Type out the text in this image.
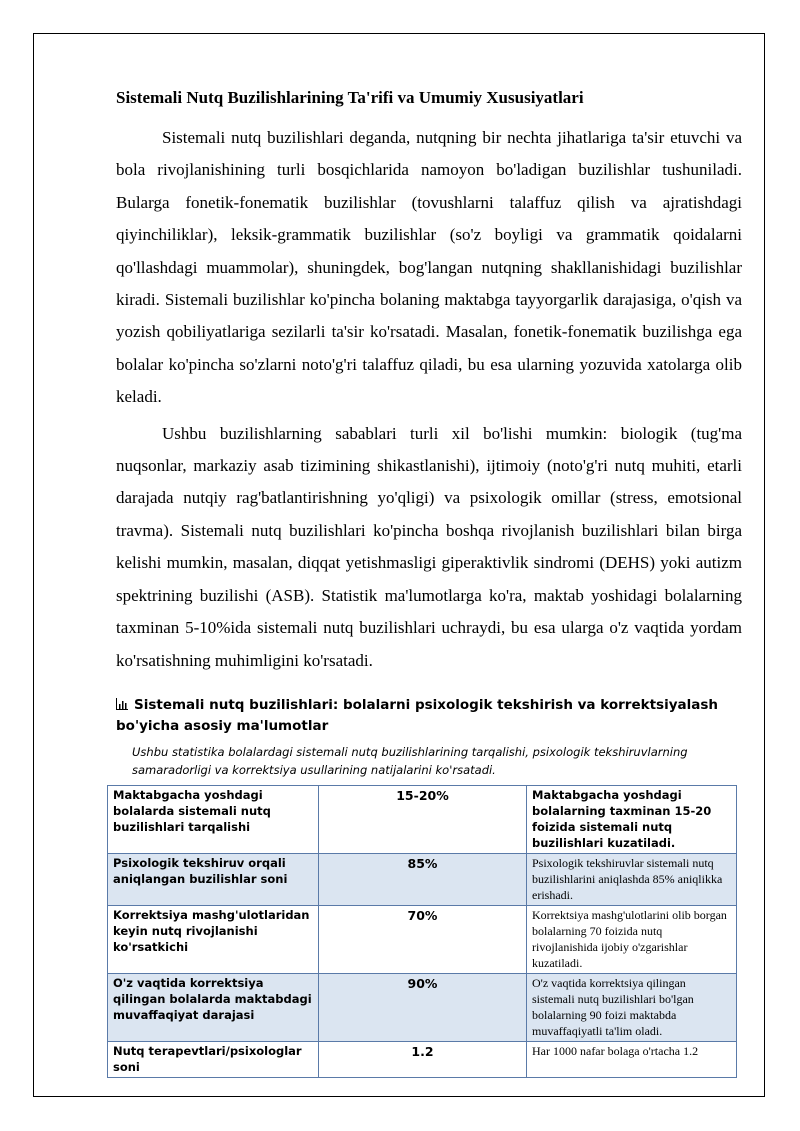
Sistemali Nutq Buzilishlarining Ta'rifi va Umumiy Xususiyatlari

Sistemali nutq buzilishlari deganda, nutqning bir nechta jihatlariga ta'sir etuvchi va bola rivojlanishining turli bosqichlarida namoyon bo'ladigan buzilishlar tushuniladi. Bularga fonetik-fonematik buzilishlar (tovushlarni talaffuz qilish va ajratishdagi qiyinchiliklar), leksik-grammatik buzilishlar (so'z boyligi va grammatik qoidalarni qo'llashdagi muammolar), shuningdek, bog'langan nutqning shakllanishidagi buzilishlar kiradi. Sistemali buzilishlar ko'pincha bolaning maktabga tayyorgarlik darajasiga, o'qish va yozish qobiliyatlariga sezilarli ta'sir ko'rsatadi. Masalan, fonetik-fonematik buzilishga ega bolalar ko'pincha so'zlarni noto'g'ri talaffuz qiladi, bu esa ularning yozuvida xatolarga olib keladi.

Ushbu buzilishlarning sabablari turli xil bo'lishi mumkin: biologik (tug'ma nuqsonlar, markaziy asab tizimining shikastlanishi), ijtimoiy (noto'g'ri nutq muhiti, etarli darajada nutqiy rag'batlantirishning yo'qligi) va psixologik omillar (stress, emotsional travma). Sistemali nutq buzilishlari ko'pincha boshqa rivojlanish buzilishlari bilan birga kelishi mumkin, masalan, diqqat yetishmasligi giperaktivlik sindromi (DEHS) yoki autizm spektrining buzilishi (ASB). Statistik ma'lumotlarga ko'ra, maktab yoshidagi bolalarning taxminan 5-10%ida sistemali nutq buzilishlari uchraydi, bu esa ularga o'z vaqtida yordam ko'rsatishning muhimligini ko'rsatadi.

Sistemali nutq buzilishlari: bolalarni psixologik tekshirish va korrektsiyalash bo'yicha asosiy ma'lumotlar
Ushbu statistika bolalardagi sistemali nutq buzilishlarining tarqalishi, psixologik tekshiruvlarning samaradorligi va korrektsiya usullarining natijalarini ko'rsatadi.
Maktabgacha yoshdagi bolalarda sistemali nutq buzilishlari tarqalishi	15-20%	Maktabgacha yoshdagi bolalarning taxminan 15-20 foizida sistemali nutq buzilishlari kuzatiladi.
Psixologik tekshiruv orqali aniqlangan buzilishlar soni	85%	Psixologik tekshiruvlar sistemali nutq buzilishlarini aniqlashda 85% aniqlikka erishadi.
Korrektsiya mashg'ulotlaridan keyin nutq rivojlanishi ko'rsatkichi	70%	Korrektsiya mashg'ulotlarini olib borgan bolalarning 70 foizida nutq rivojlanishida ijobiy o'zgarishlar kuzatiladi.
O'z vaqtida korrektsiya qilingan bolalarda maktabdagi muvaffaqiyat darajasi	90%	O'z vaqtida korrektsiya qilingan sistemali nutq buzilishlari bo'lgan bolalarning 90 foizi maktabda muvaffaqiyatli ta'lim oladi.
Nutq terapevtlari/psixologlar soni	1.2	Har 1000 nafar bolaga o'rtacha 1.2
